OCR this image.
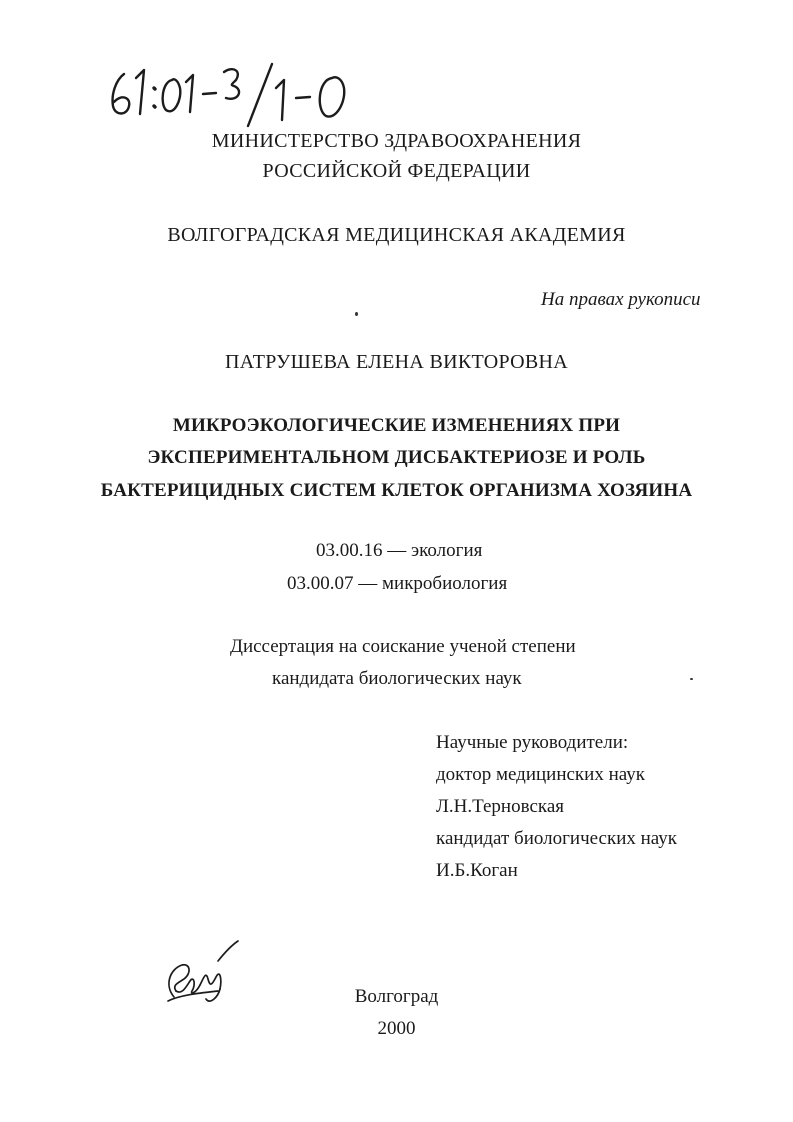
МИНИСТЕРСТВО ЗДРАВООХРАНЕНИЯ
РОССИЙСКОЙ ФЕДЕРАЦИИ
ВОЛГОГРАДСКАЯ МЕДИЦИНСКАЯ АКАДЕМИЯ
На правах рукописи
ПАТРУШЕВА ЕЛЕНА ВИКТОРОВНА
МИКРОЭКОЛОГИЧЕСКИЕ ИЗМЕНЕНИЯХ ПРИ
ЭКСПЕРИМЕНТАЛЬНОМ ДИСБАКТЕРИОЗЕ И РОЛЬ
БАКТЕРИЦИДНЫХ СИСТЕМ КЛЕТОК ОРГАНИЗМА ХОЗЯИНА
03.00.16 — экология
03.00.07 — микробиология
Диссертация на соискание ученой степени
кандидата биологических наук
Научные руководители:
доктор медицинских наук
Л.Н.Терновская
кандидат биологических наук
И.Б.Коган
Волгоград
2000
